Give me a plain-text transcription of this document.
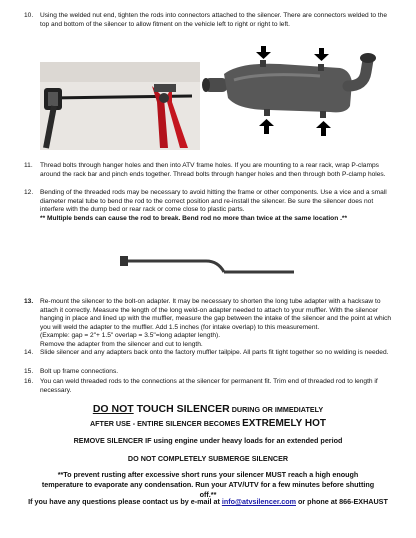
10.	Using the welded nut end, tighten the rods into connectors attached to the silencer. There are connectors welded to the top and bottom of the silencer to allow fitment on the vehicle left to right or right to left.
11.	Thread bolts through hanger holes and then into ATV frame holes. If you are mounting to a rear rack, wrap P-clamps around the rack bar and pinch ends together. Thread bolts through hanger holes and then through both P-clamp holes.
12.	Bending of the threaded rods may be necessary to avoid hitting the frame or other components. Use a vice and a small diameter metal tube to bend the rod to the correct position and re-install the silencer. Be sure the silencer does not interfere with the dump bed or rear rack or come close to plastic parts.
** Multiple bends can cause the rod to break. Bend rod no more than twice at the same location .**
13.	Re-mount the silencer to the bolt-on adapter. It may be necessary to shorten the long tube adapter with a hacksaw to attach it correctly. Measure the length of the long weld-on adapter needed to attach to your muffler. With the silencer hanging in place and lined up with the muffler, measure the gap between the intake of the silencer and the point at which you will weld the adapter to the muffler. Add 1.5 inches (for intake overlap) to this measurement.
(Example: gap = 2"+ 1.5" overlap = 3.5"=long adapter length).
Remove the adapter from the silencer and cut to length.
14.	Slide silencer and any adapters back onto the factory muffler tailpipe. All parts fit tight together so no welding is needed.
15.	Bolt up frame connections.
16.	You can weld threaded rods to the connections at the silencer for permanent fit. Trim end of threaded rod to length if necessary.
DO NOT TOUCH SILENCER DURING OR IMMEDIATELY
AFTER USE - ENTIRE SILENCER BECOMES EXTREMELY HOT
REMOVE SILENCER IF using engine under heavy loads for an extended period
DO NOT COMPLETELY SUBMERGE SILENCER
**To prevent rusting after excessive short runs your silencer MUST reach a high enough temperature to evaporate any condensation. Run your ATV/UTV for a few minutes before shutting off.**
If you have any questions please contact us by e-mail at info@atvsilencer.com or phone at 866-EXHAUST
